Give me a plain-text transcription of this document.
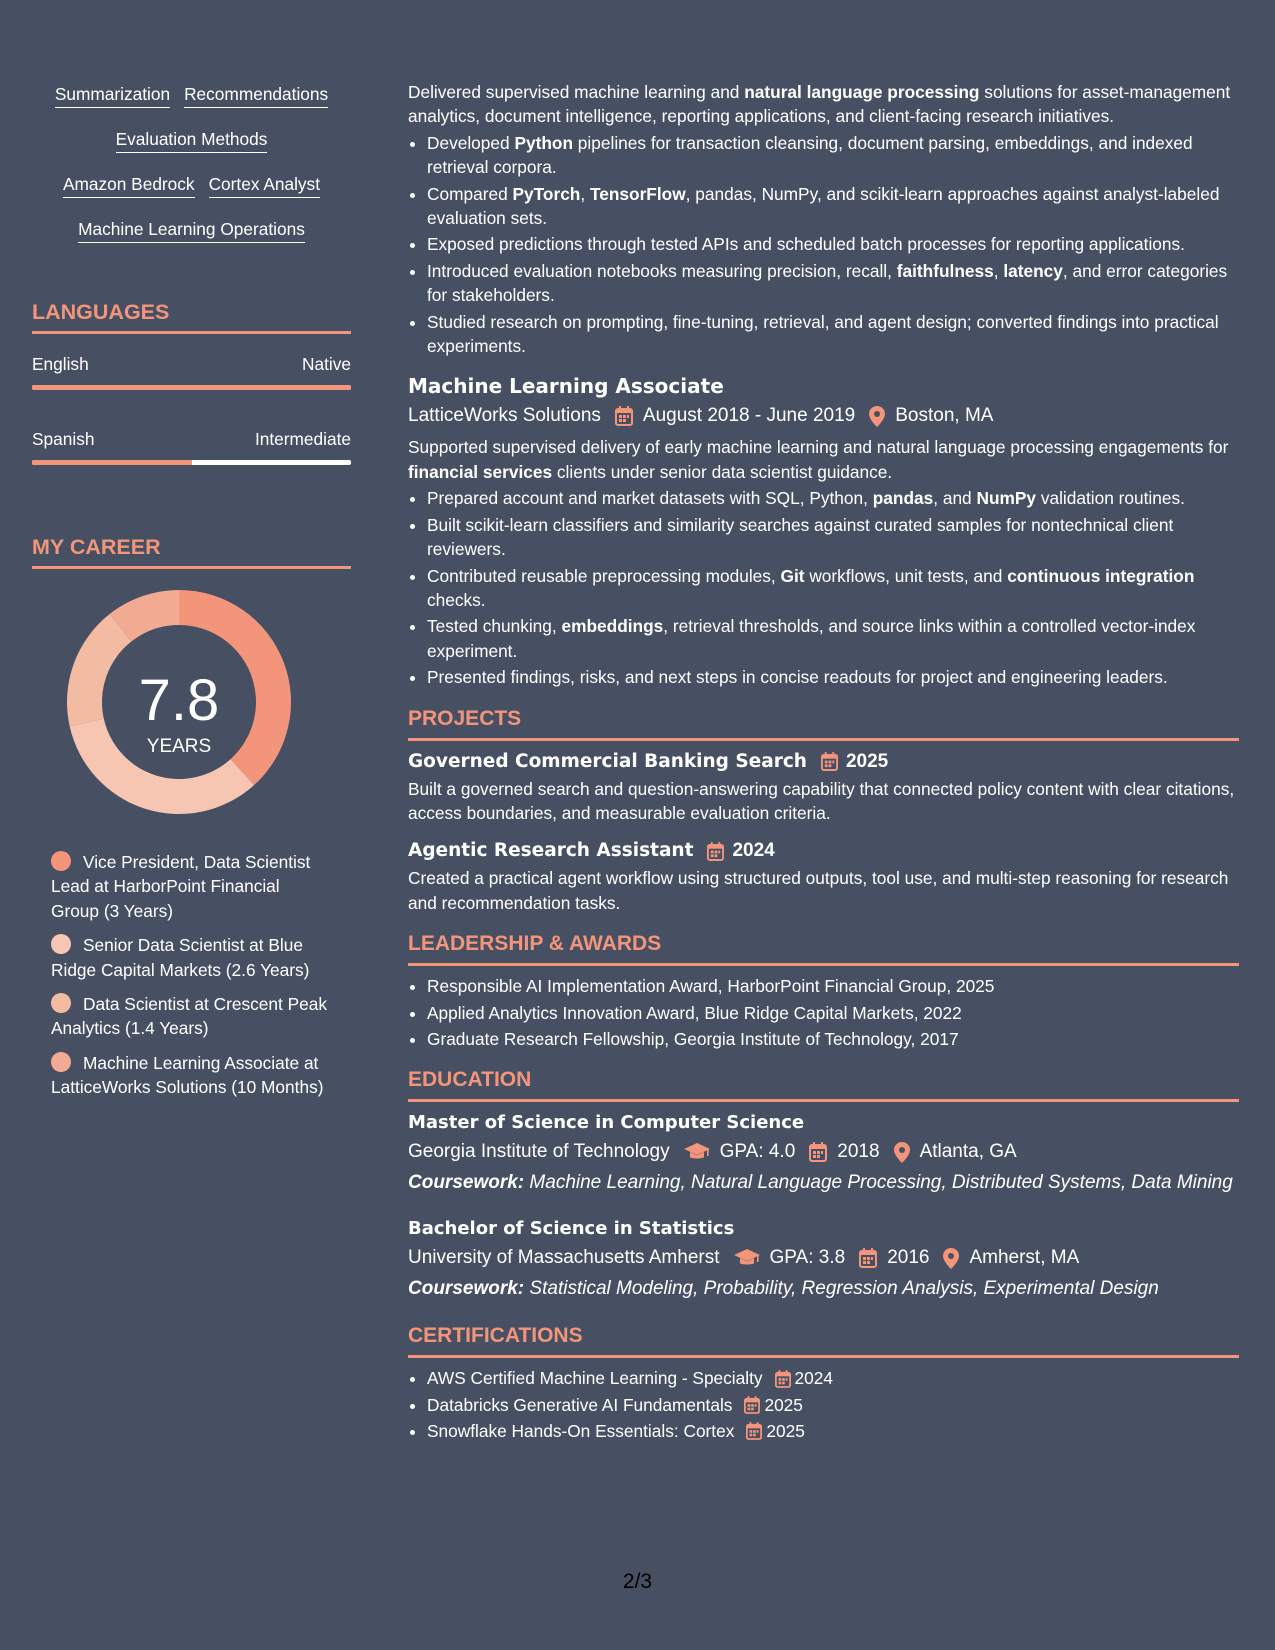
Summarization Recommendations
Evaluation Methods
Amazon Bedrock Cortex Analyst
Machine Learning Operations
LANGUAGES
English	Native
Spanish	Intermediate
MY CAREER
7.8
YEARS
Vice President, Data Scientist Lead at HarborPoint Financial Group (3 Years)
Senior Data Scientist at Blue Ridge Capital Markets (2.6 Years)
Data Scientist at Crescent Peak Analytics (1.4 Years)
Machine Learning Associate at LatticeWorks Solutions (10 Months)

Delivered supervised machine learning and natural language processing solutions for asset-management analytics, document intelligence, reporting applications, and client-facing research initiatives.

• Developed Python pipelines for transaction cleansing, document parsing, embeddings, and indexed retrieval corpora.
• Compared PyTorch, TensorFlow, pandas, NumPy, and scikit-learn approaches against analyst-labeled evaluation sets.
• Exposed predictions through tested APIs and scheduled batch processes for reporting applications.
• Introduced evaluation notebooks measuring precision, recall, faithfulness, latency, and error categories for stakeholders.
• Studied research on prompting, fine-tuning, retrieval, and agent design; converted findings into practical experiments.
Machine Learning Associate
LatticeWorks Solutions August 2018 - June 2019 Boston, MA

Supported supervised delivery of early machine learning and natural language processing engagements for financial services clients under senior data scientist guidance.

• Prepared account and market datasets with SQL, Python, pandas, and NumPy validation routines.
• Built scikit-learn classifiers and similarity searches against curated samples for nontechnical client reviewers.
• Contributed reusable preprocessing modules, Git workflows, unit tests, and continuous integration checks.
• Tested chunking, embeddings, retrieval thresholds, and source links within a controlled vector-index experiment.
• Presented findings, risks, and next steps in concise readouts for project and engineering leaders.
PROJECTS
Governed Commercial Banking Search 2025

Built a governed search and question-answering capability that connected policy content with clear citations, access boundaries, and measurable evaluation criteria.

Agentic Research Assistant 2024

Created a practical agent workflow using structured outputs, tool use, and multi-step reasoning for research and recommendation tasks.

LEADERSHIP & AWARDS
• Responsible AI Implementation Award, HarborPoint Financial Group, 2025
• Applied Analytics Innovation Award, Blue Ridge Capital Markets, 2022
• Graduate Research Fellowship, Georgia Institute of Technology, 2017
EDUCATION
Master of Science in Computer Science
Georgia Institute of Technology	GPA: 4.0 2018 Atlanta, GA
Coursework: Machine Learning, Natural Language Processing, Distributed Systems, Data Mining
Bachelor of Science in Statistics
University of Massachusetts Amherst	GPA: 3.8 2016 Amherst, MA
Coursework: Statistical Modeling, Probability, Regression Analysis, Experimental Design
CERTIFICATIONS
• AWS Certified Machine Learning - Specialty 2024
• Databricks Generative AI Fundamentals 2025
• Snowflake Hands-On Essentials: Cortex 2025
2/3
